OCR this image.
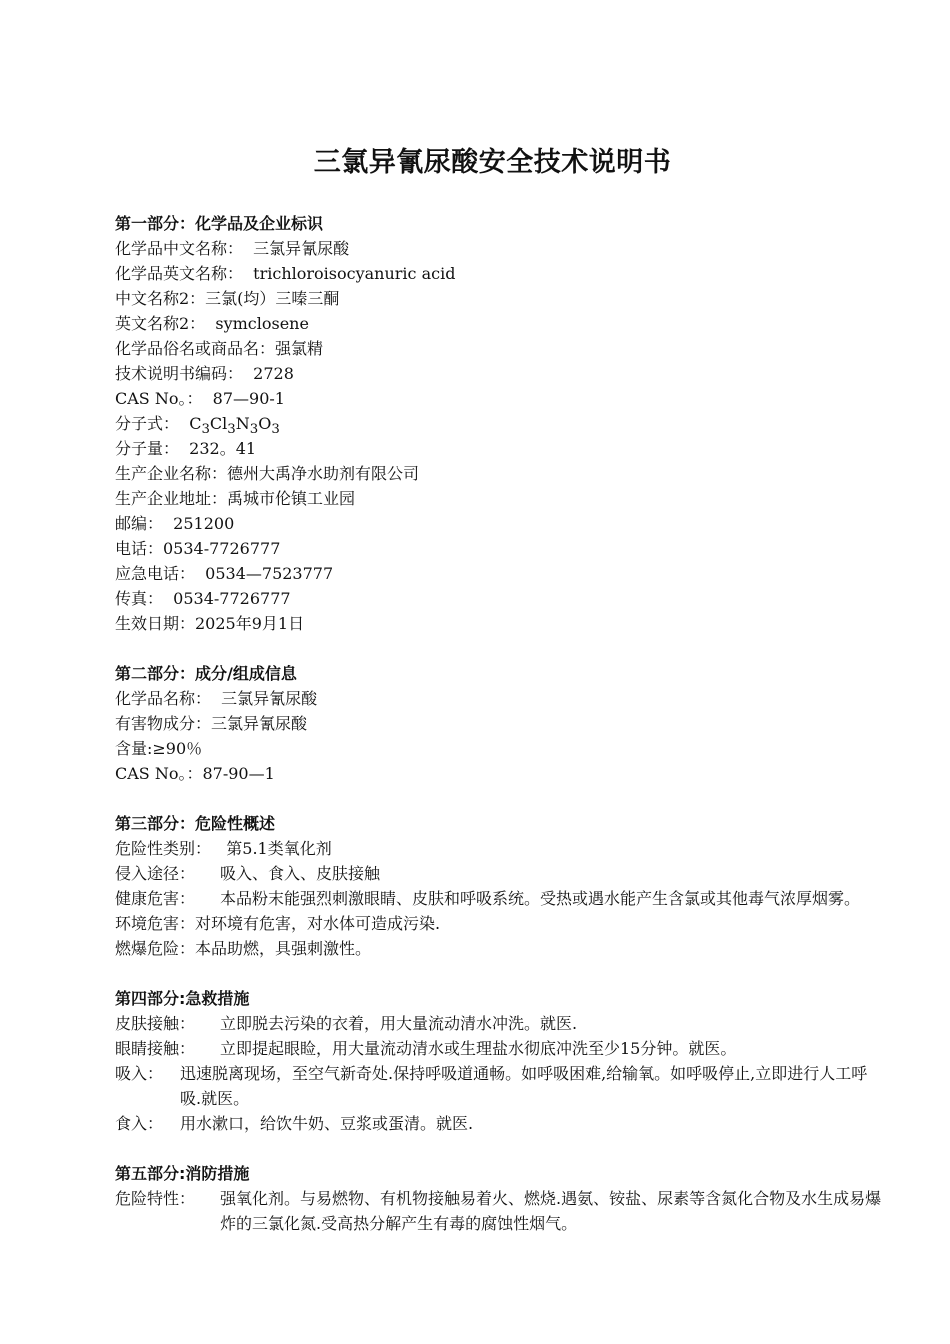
三氯异氰尿酸安全技术说明书
第一部分：化学品及企业标识
化学品中文名称：  三氯异氰尿酸
化学品英文名称：  trichloroisocyanuric acid
中文名称2：三氯(均）三嗪三酮
英文名称2：  symclosene
化学品俗名或商品名：强氯精
技术说明书编码：  2728
CAS No。：  87—90-1
分子式：  $C_3Cl_3N_3O_3$
分子量：  232。41
生产企业名称：德州大禹净水助剂有限公司
生产企业地址：禹城市伦镇工业园
邮编：  251200
电话：0534-7726777
应急电话：  0534—7523777
传真：  0534-7726777
生效日期：2025年9月1日
第二部分：成分/组成信息
化学品名称：  三氯异氰尿酸
有害物成分：三氯异氰尿酸
含量:≥90％
CAS No。：87-90—1
第三部分：危险性概述
危险性类别： 第5.1类氧化剂
侵入途径：	吸入、食入、皮肤接触
健康危害：	本品粉末能强烈刺激眼睛、皮肤和呼吸系统。受热或遇水能产生含氯或其他毒气浓厚烟雾。
环境危害：对环境有危害，对水体可造成污染.
燃爆危险：本品助燃，具强刺激性。
第四部分:急救措施
皮肤接触：	立即脱去污染的衣着，用大量流动清水冲洗。就医.
眼睛接触：	立即提起眼睑，用大量流动清水或生理盐水彻底冲洗至少15分钟。就医。
吸入：	迅速脱离现场，至空气新奇处.保持呼吸道通畅。如呼吸困难,给输氧。如呼吸停止,立即进行人工呼吸.就医。
食入：	用水漱口，给饮牛奶、豆浆或蛋清。就医.
第五部分:消防措施
危险特性：	强氧化剂。与易燃物、有机物接触易着火、燃烧.遇氨、铵盐、尿素等含氮化合物及水生成易爆炸的三氯化氮.受高热分解产生有毒的腐蚀性烟气。
